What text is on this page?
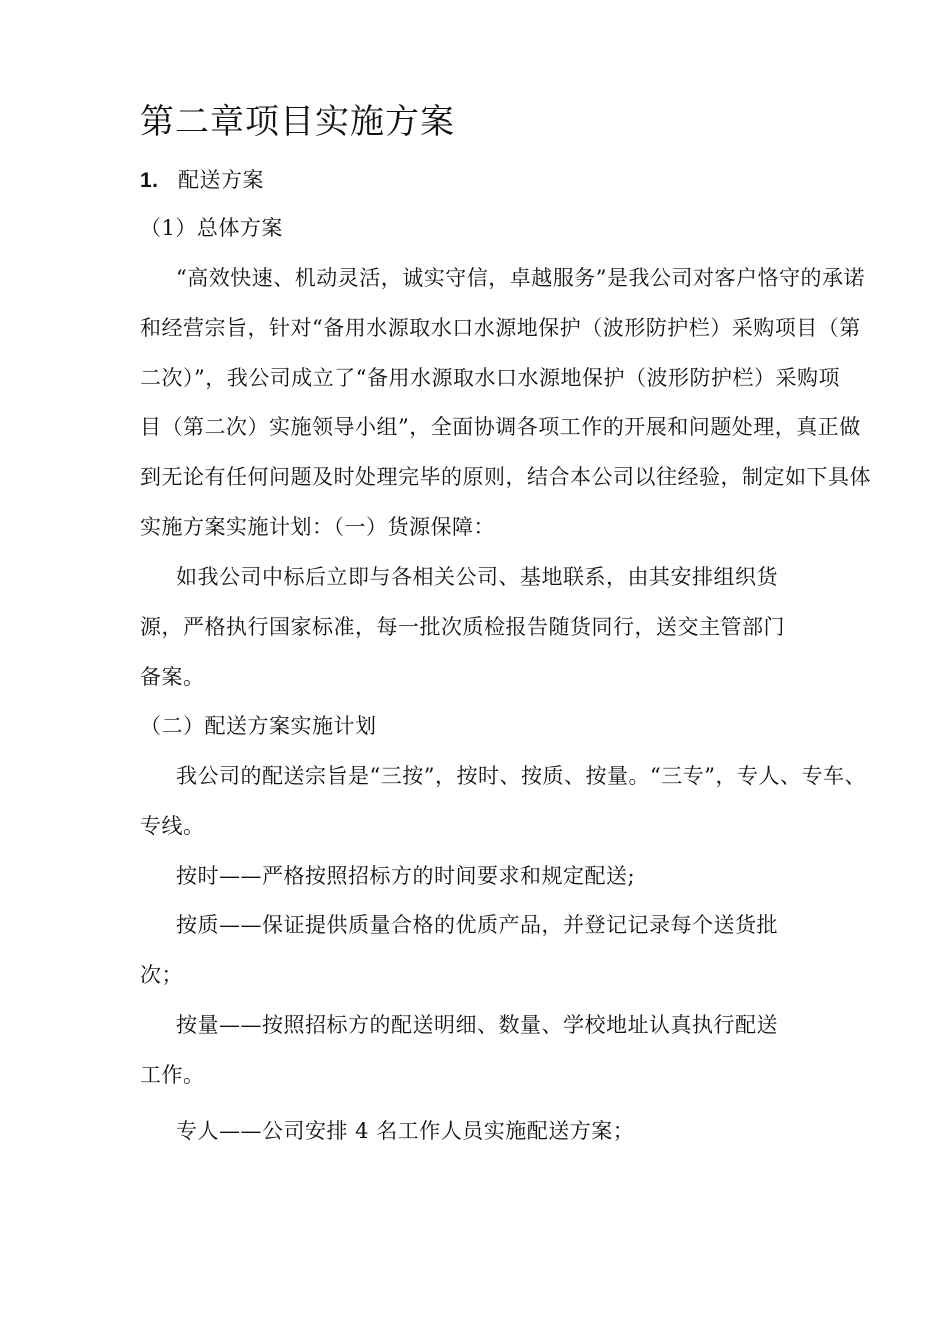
第二章项目实施方案
1. 配送方案
（1）总体方案
“高效快速、机动灵活，诚实守信，卓越服务”是我公司对客户恪守的承诺
和经营宗旨，针对“备用水源取水口水源地保护（波形防护栏）采购项目（第
二次）”，我公司成立了“备用水源取水口水源地保护（波形防护栏）采购项
目（第二次）实施领导小组”，全面协调各项工作的开展和问题处理，真正做
到无论有任何问题及时处理完毕的原则，结合本公司以往经验，制定如下具体
实施方案实施计划：（一）货源保障：
如我公司中标后立即与各相关公司、基地联系，由其安排组织货
源，严格执行国家标准，每一批次质检报告随货同行，送交主管部门
备案。
（二）配送方案实施计划
我公司的配送宗旨是“三按”，按时、按质、按量。“三专”，专人、专车、
专线。
按时——严格按照招标方的时间要求和规定配送;
按质——保证提供质量合格的优质产品，并登记记录每个送货批
次；
按量——按照招标方的配送明细、数量、学校地址认真执行配送
工作。
专人——公司安排 4 名工作人员实施配送方案；
